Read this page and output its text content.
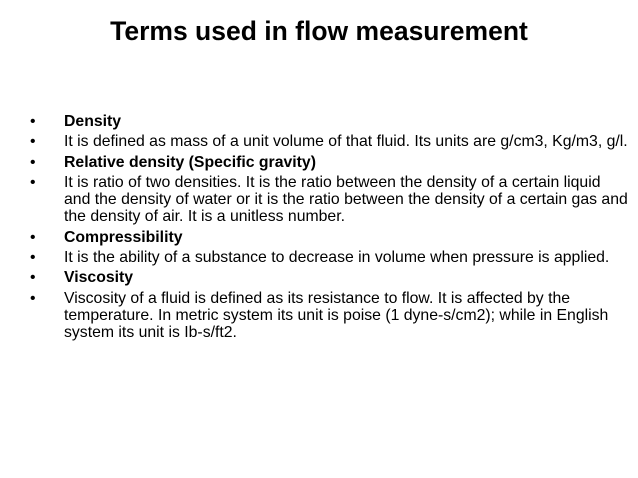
Terms used in flow measurement
•	Density
•	It is defined as mass of a unit volume of that fluid. Its units are g/cm3, Kg/m3, g/l.
•	Relative density (Specific gravity)
•	It is ratio of two densities. It is the ratio between the density of a certain liquid and the density of water or it is the ratio between the density of a certain gas and the density of air. It is a unitless number.
•	Compressibility
•	It is the ability of a substance to decrease in volume when pressure is applied.
•	Viscosity
•	Viscosity of a fluid is defined as its resistance to flow. It is affected by the temperature. In metric system its unit is poise (1 dyne-s/cm2); while in English system its unit is Ib-s/ft2.
